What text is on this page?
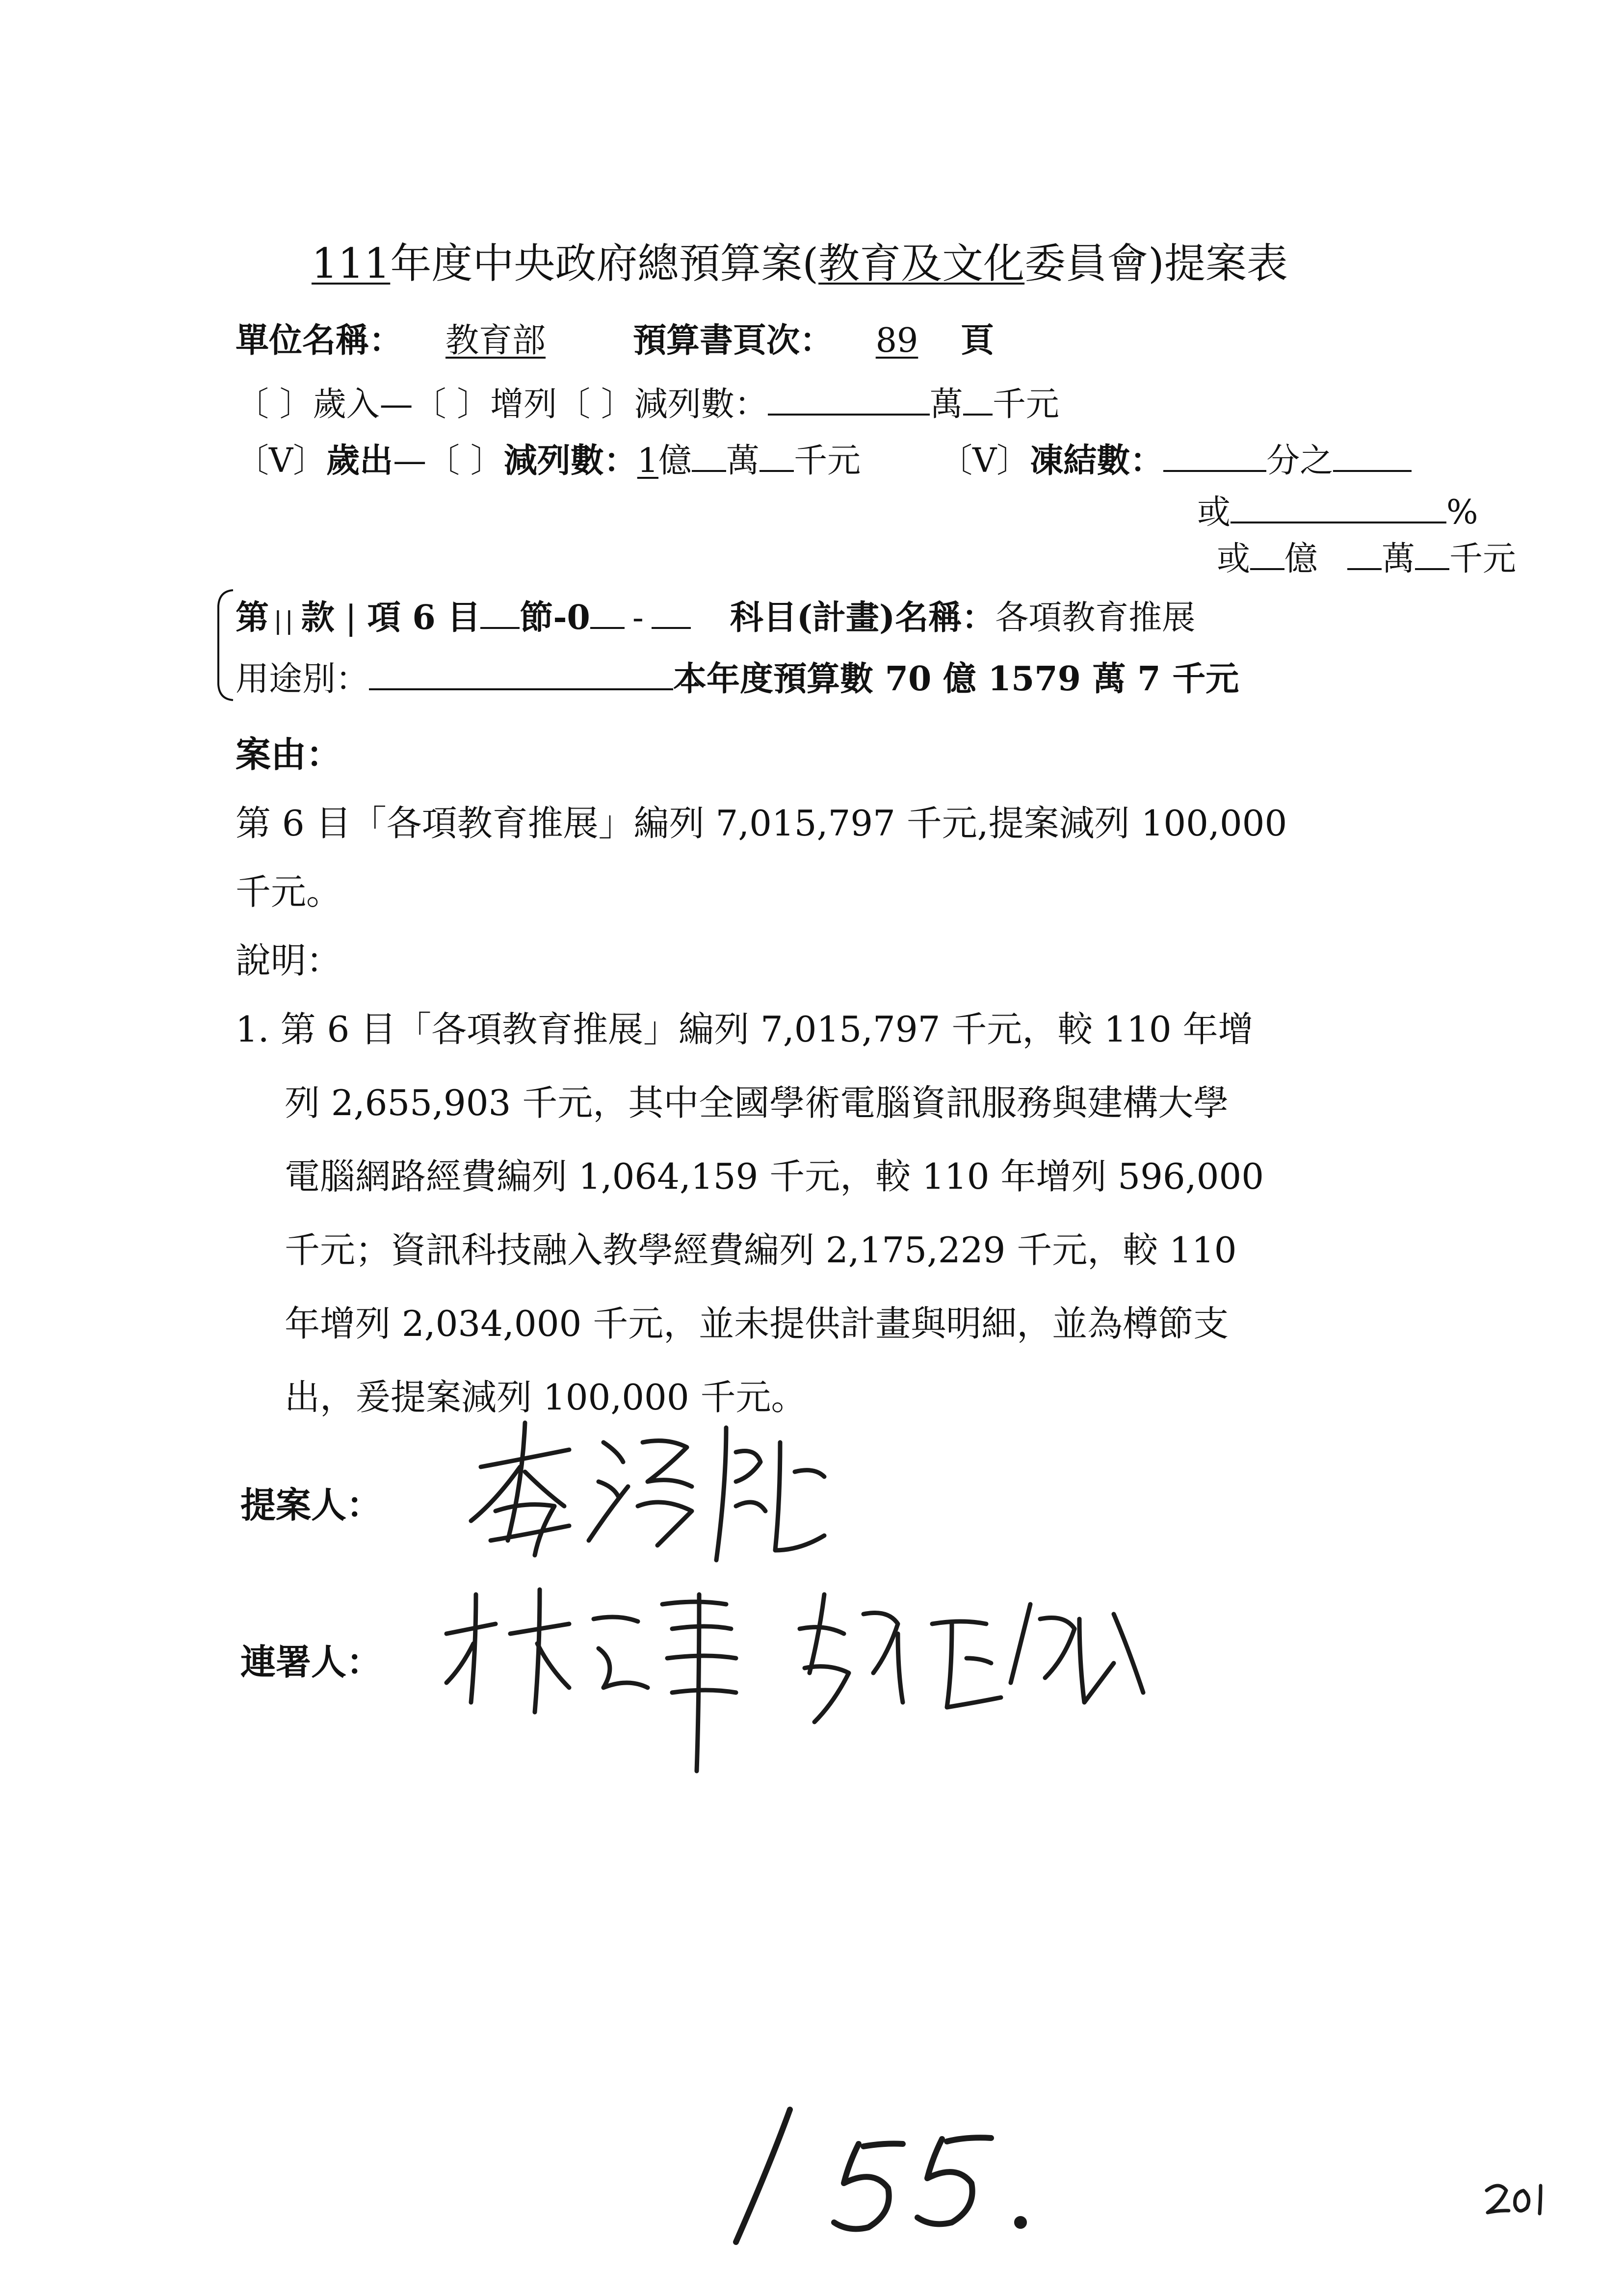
111年度中央政府總預算案(教育及文化委員會)提案表
單位名稱： 教育部	預算書頁次： 89 頁
〔 〕歲入—〔 〕增列〔 〕減列數：	萬 千元
〔V〕歲出—〔 〕減列數：1億 萬 千元 〔V〕凍結數：	分之
或	%
或 億 萬 千元
第 || 款 | 項 6 目 節-0 -	科目(計畫)名稱：各項教育推展
用途別：	本年度預算數 70 億 1579 萬 7 千元
案由：
第 6 目「各項教育推展」編列 7,015,797 千元,提案減列 100,000
千元。
說明：
1. 第 6 目「各項教育推展」編列 7,015,797 千元，較 110 年增
列 2,655,903 千元，其中全國學術電腦資訊服務與建構大學
電腦網路經費編列 1,064,159 千元，較 110 年增列 596,000
千元；資訊科技融入教學經費編列 2,175,229 千元，較 110
年增列 2,034,000 千元，並未提供計畫與明細，並為樽節支
出，爰提案減列 100,000 千元。
提案人：
連署人：
